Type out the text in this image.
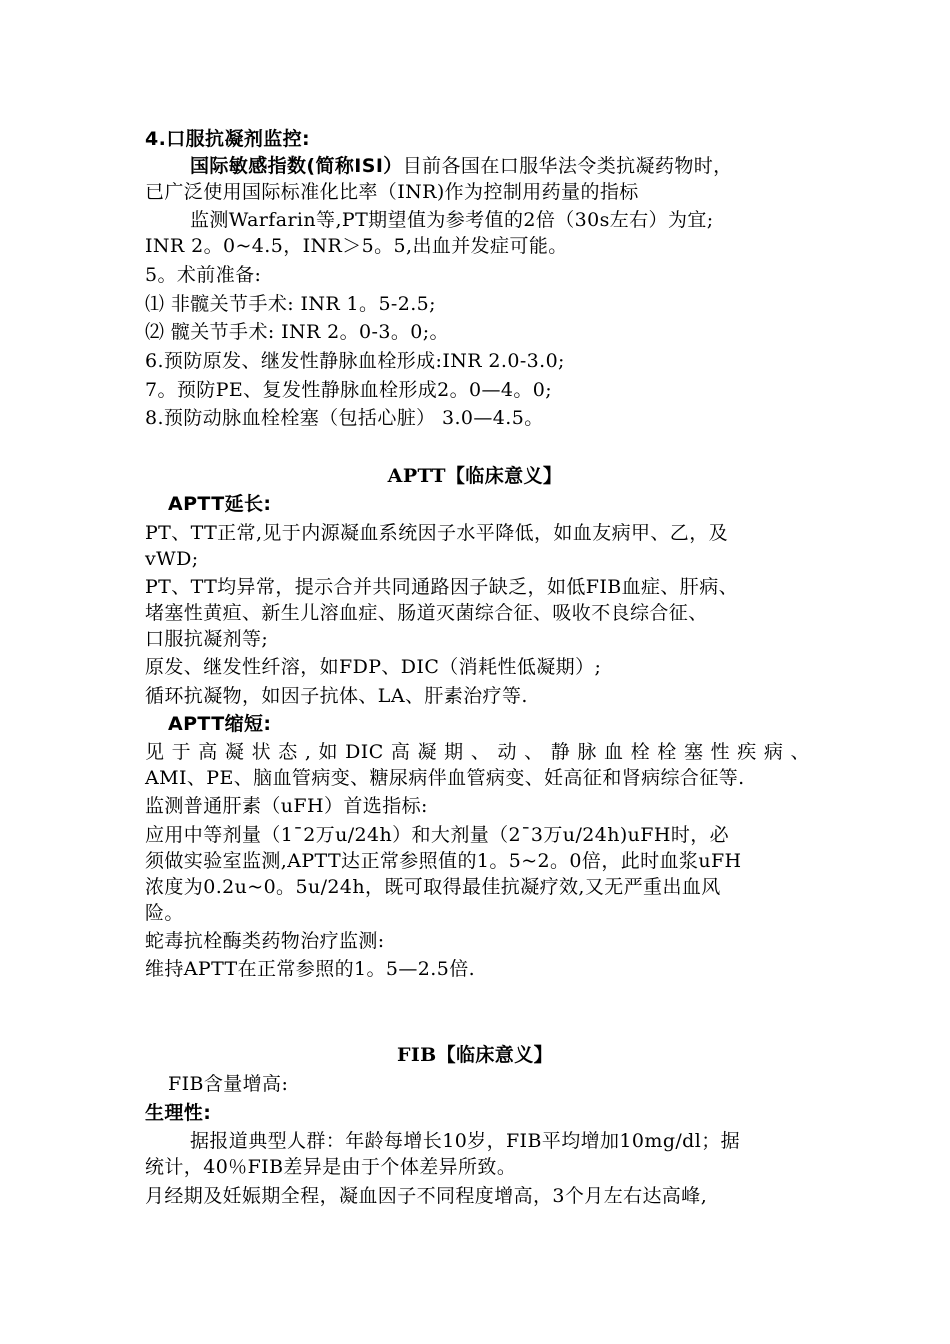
4.口服抗凝剂监控:
国际敏感指数(简称ISI）目前各国在口服华法令类抗凝药物时，
已广泛使用国际标准化比率（INR)作为控制用药量的指标
监测Warfarin等,PT期望值为参考值的2倍（30s左右）为宜;
INR 2。0~4.5，INR＞5。5,出血并发症可能。
5。术前准备:
⑴ 非髋关节手术: INR 1。5-2.5;
⑵ 髋关节手术: INR 2。0-3。0;。
6.预防原发、继发性静脉血栓形成:INR 2.0-3.0;
7。预防PE、复发性静脉血栓形成2。0—4。0;
8.预防动脉血栓栓塞（包括心脏） 3.0—4.5。
APTT【临床意义】
APTT延长:
PT、TT正常,见于内源凝血系统因子水平降低，如血友病甲、乙，及
vWD;
PT、TT均异常，提示合并共同通路因子缺乏，如低FIB血症、肝病、
堵塞性黄疸、新生儿溶血症、肠道灭菌综合征、吸收不良综合征、
口服抗凝剂等;
原发、继发性纤溶，如FDP、DIC（消耗性低凝期）;
循环抗凝物，如因子抗体、LA、肝素治疗等.
APTT缩短:
见 于 高 凝 状 态 , 如 DIC 高 凝 期 、 动 、 静 脉 血 栓 栓 塞 性 疾 病 、
AMI、PE、脑血管病变、糖尿病伴血管病变、妊高征和肾病综合征等.
监测普通肝素（uFH）首选指标:
应用中等剂量（1¯2万u/24h）和大剂量（2¯3万u/24h)uFH时，必
须做实验室监测,APTT达正常参照值的1。5~2。0倍，此时血浆uFH
浓度为0.2u~0。5u/24h，既可取得最佳抗凝疗效,又无严重出血风
险。
蛇毒抗栓酶类药物治疗监测:
维持APTT在正常参照的1。5—2.5倍.
FIB【临床意义】
FIB含量增高:
生理性:
据报道典型人群：年龄每增长10岁，FIB平均增加10mg/dl；据
统计，40％FIB差异是由于个体差异所致。
月经期及妊娠期全程，凝血因子不同程度增高，3个月左右达高峰,
